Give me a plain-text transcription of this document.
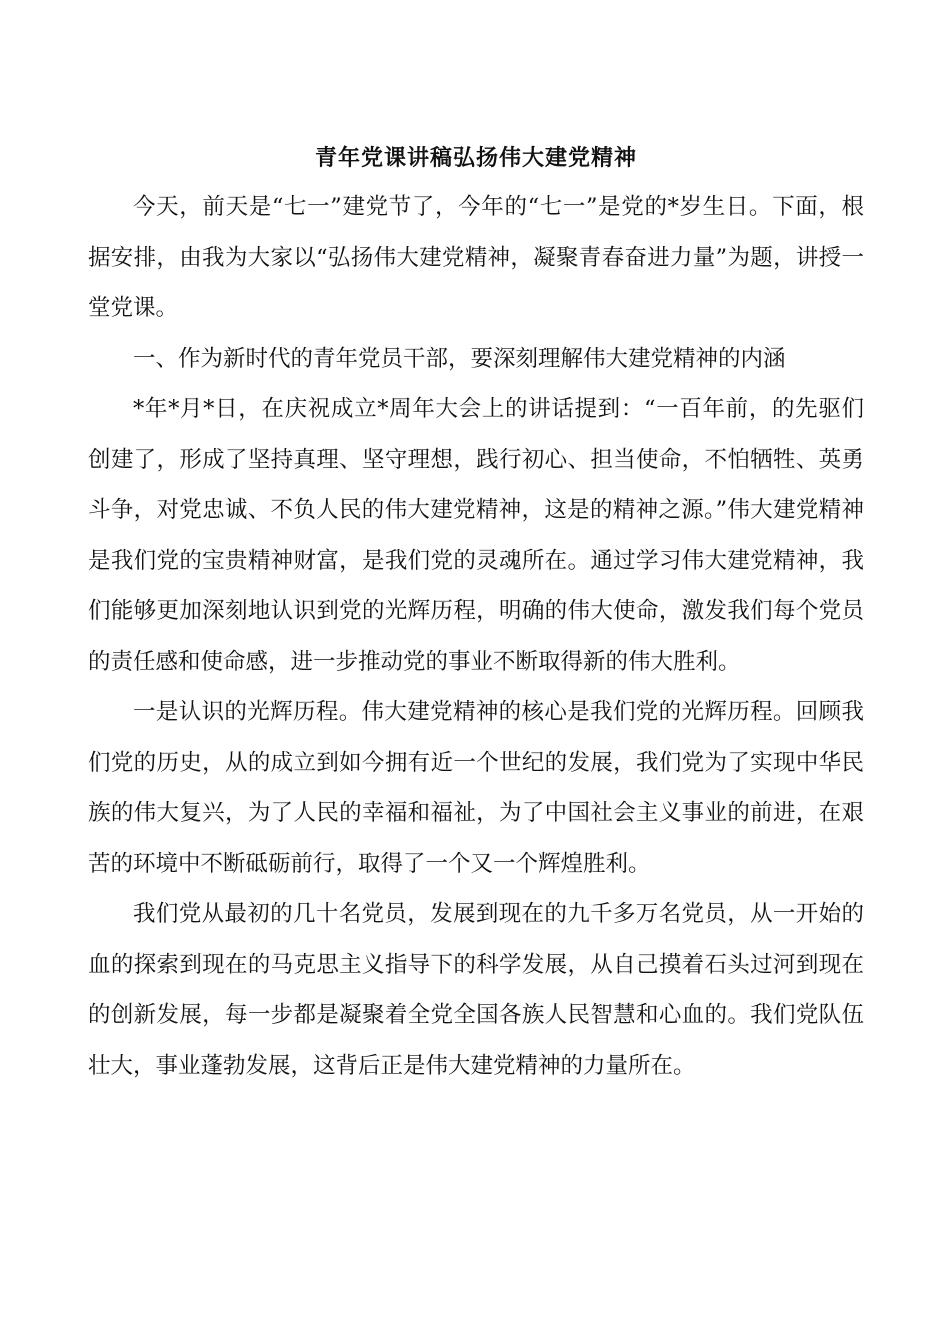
青年党课讲稿弘扬伟大建党精神

今天，前天是“七一”建党节了，今年的“七一”是党的*岁生日。下面，根据安排，由我为大家以“弘扬伟大建党精神，凝聚青春奋进力量”为题，讲授一堂党课。

一、作为新时代的青年党员干部，要深刻理解伟大建党精神的内涵

*年*月*日，在庆祝成立*周年大会上的讲话提到：“一百年前，的先驱们创建了，形成了坚持真理、坚守理想，践行初心、担当使命，不怕牺牲、英勇斗争，对党忠诚、不负人民的伟大建党精神，这是的精神之源。”伟大建党精神是我们党的宝贵精神财富，是我们党的灵魂所在。通过学习伟大建党精神，我们能够更加深刻地认识到党的光辉历程，明确的伟大使命，激发我们每个党员的责任感和使命感，进一步推动党的事业不断取得新的伟大胜利。

一是认识的光辉历程。伟大建党精神的核心是我们党的光辉历程。回顾我们党的历史，从的成立到如今拥有近一个世纪的发展，我们党为了实现中华民族的伟大复兴，为了人民的幸福和福祉，为了中国社会主义事业的前进，在艰苦的环境中不断砥砺前行，取得了一个又一个辉煌胜利。

我们党从最初的几十名党员，发展到现在的九千多万名党员，从一开始的血的探索到现在的马克思主义指导下的科学发展，从自己摸着石头过河到现在的创新发展，每一步都是凝聚着全党全国各族人民智慧和心血的。我们党队伍壮大，事业蓬勃发展，这背后正是伟大建党精神的力量所在。
